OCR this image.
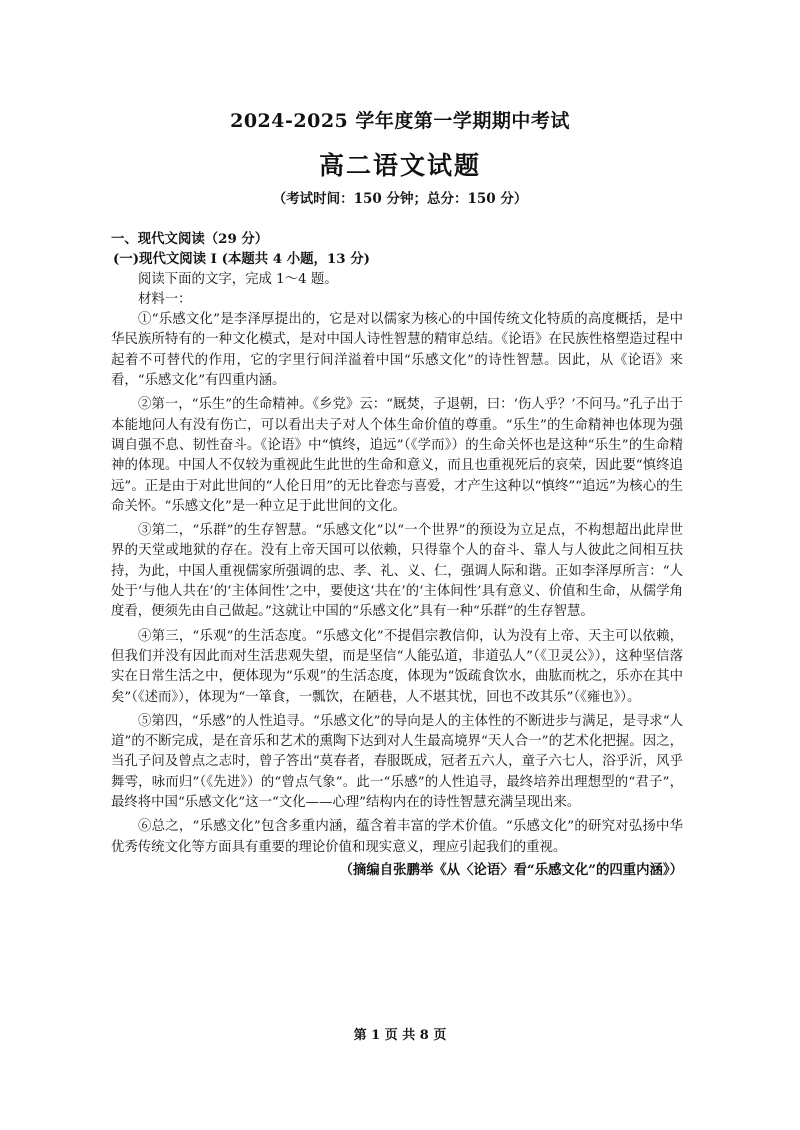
2024-2025 学年度第一学期期中考试
高二语文试题
（考试时间：150 分钟；总分：150 分）

一、现代文阅读（29 分）

(一)现代文阅读 I (本题共 4 小题，13 分)

阅读下面的文字，完成 1～4 题。

材料一：

①“乐感文化”是李泽厚提出的，它是对以儒家为核心的中国传统文化特质的高度概括，是中华民族所特有的一种文化模式，是对中国人诗性智慧的精审总结。《论语》在民族性格塑造过程中起着不可替代的作用，它的字里行间洋溢着中国“乐感文化”的诗性智慧。因此，从《论语》来看，“乐感文化”有四重内涵。

②第一，“乐生”的生命精神。《乡党》云：“厩焚，子退朝，曰：‘伤人乎？’不问马。”孔子出于本能地问人有没有伤亡，可以看出夫子对人个体生命价值的尊重。“乐生”的生命精神也体现为强调自强不息、韧性奋斗。《论语》中“慎终，追远”（《学而》）的生命关怀也是这种“乐生”的生命精神的体现。中国人不仅较为重视此生此世的生命和意义，而且也重视死后的哀荣，因此要“慎终追远”。正是由于对此世间的“人伦日用”的无比眷恋与喜爱，才产生这种以“慎终”“追远”为核心的生命关怀。“乐感文化”是一种立足于此世间的文化。

③第二，“乐群”的生存智慧。“乐感文化”以“一个世界”的预设为立足点，不构想超出此岸世界的天堂或地狱的存在。没有上帝天国可以依赖，只得靠个人的奋斗、靠人与人彼此之间相互扶持，为此，中国人重视儒家所强调的忠、孝、礼、义、仁，强调人际和谐。正如李泽厚所言：“人处于‘与他人共在’的‘主体间性’之中，要使这‘共在’的‘主体间性’具有意义、价值和生命，从儒学角度看，便须先由自己做起。”这就让中国的“乐感文化”具有一种“乐群”的生存智慧。

④第三，“乐观”的生活态度。“乐感文化”不提倡宗教信仰，认为没有上帝、天主可以依赖，但我们并没有因此而对生活悲观失望，而是坚信“人能弘道，非道弘人”（《卫灵公》），这种坚信落实在日常生活之中，便体现为“乐观”的生活态度，体现为“饭疏食饮水，曲肱而枕之，乐亦在其中矣”（《述而》），体现为“一箪食，一瓢饮，在陋巷，人不堪其忧，回也不改其乐”（《雍也》）。

⑤第四，“乐感”的人性追寻。“乐感文化”的导向是人的主体性的不断进步与满足，是寻求“人道”的不断完成，是在音乐和艺术的熏陶下达到对人生最高境界“天人合一”的艺术化把握。因之，当孔子问及曾点之志时，曾子答出“莫春者，春服既成，冠者五六人，童子六七人，浴乎沂，风乎舞雩，咏而归”（《先进》）的“曾点气象”。此一“乐感”的人性追寻，最终培养出理想型的“君子”，最终将中国“乐感文化”这一“文化——心理”结构内在的诗性智慧充满呈现出来。

⑥总之，“乐感文化”包含多重内涵，蕴含着丰富的学术价值。“乐感文化”的研究对弘扬中华优秀传统文化等方面具有重要的理论价值和现实意义，理应引起我们的重视。

（摘编自张鹏举《从〈论语〉看“乐感文化”的四重内涵》）

第 1 页 共 8 页
